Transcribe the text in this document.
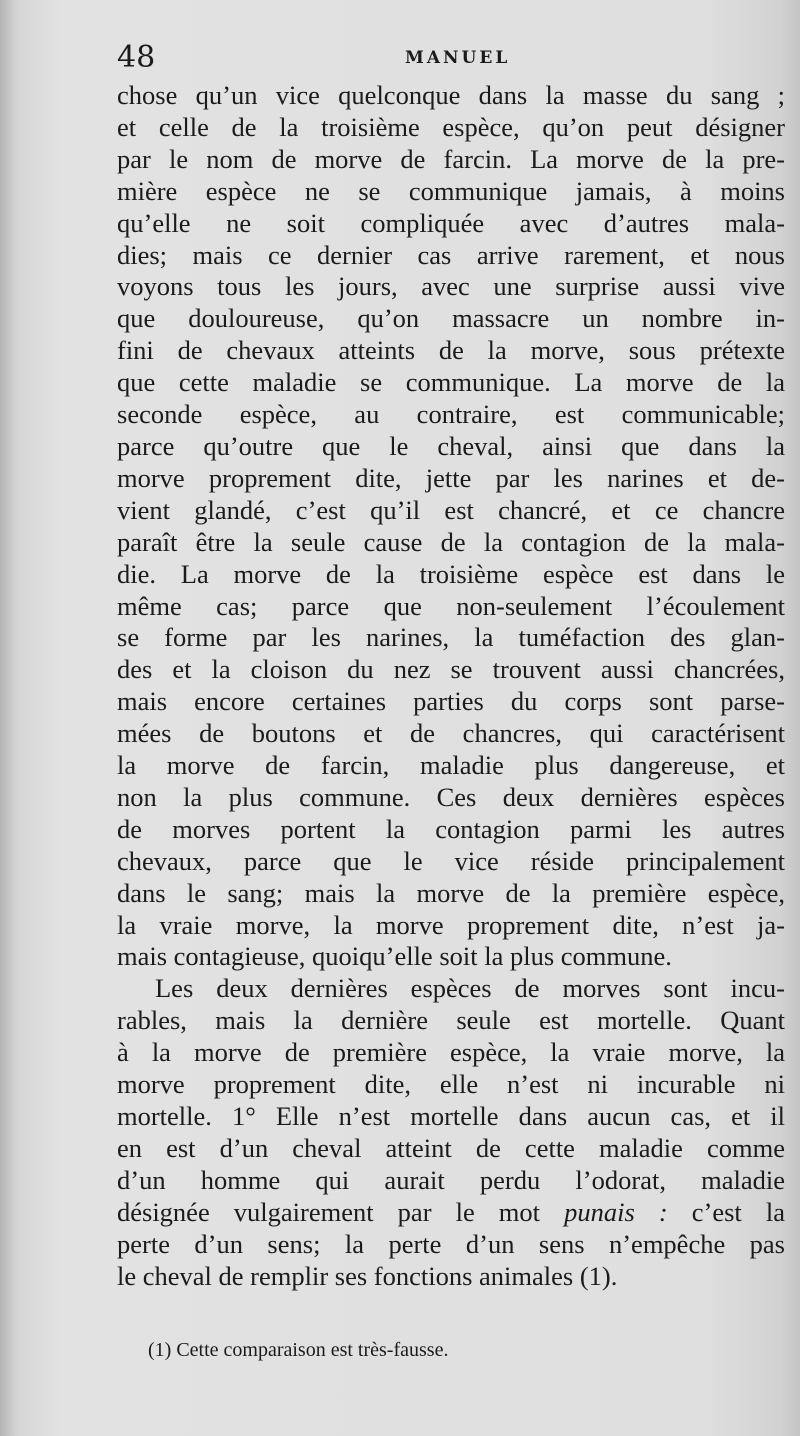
48	MANUEL
chose qu’un vice quelconque dans la masse du sang ;
et celle de la troisième espèce, qu’on peut désigner
par le nom de morve de farcin. La morve de la pre-
mière espèce ne se communique jamais, à moins
qu’elle ne soit compliquée avec d’autres mala-
dies; mais ce dernier cas arrive rarement, et nous
voyons tous les jours, avec une surprise aussi vive
que douloureuse, qu’on massacre un nombre in-
fini de chevaux atteints de la morve, sous prétexte
que cette maladie se communique. La morve de la
seconde espèce, au contraire, est communicable;
parce qu’outre que le cheval, ainsi que dans la
morve proprement dite, jette par les narines et de-
vient glandé, c’est qu’il est chancré, et ce chancre
paraît être la seule cause de la contagion de la mala-
die. La morve de la troisième espèce est dans le
même cas; parce que non-seulement l’écoulement
se forme par les narines, la tuméfaction des glan-
des et la cloison du nez se trouvent aussi chancrées,
mais encore certaines parties du corps sont parse-
mées de boutons et de chancres, qui caractérisent
la morve de farcin, maladie plus dangereuse, et
non la plus commune. Ces deux dernières espèces
de morves portent la contagion parmi les autres
chevaux, parce que le vice réside principalement
dans le sang; mais la morve de la première espèce,
la vraie morve, la morve proprement dite, n’est ja-
mais contagieuse, quoiqu’elle soit la plus commune.
Les deux dernières espèces de morves sont incu-
rables, mais la dernière seule est mortelle. Quant
à la morve de première espèce, la vraie morve, la
morve proprement dite, elle n’est ni incurable ni
mortelle. 1° Elle n’est mortelle dans aucun cas, et il
en est d’un cheval atteint de cette maladie comme
d’un homme qui aurait perdu l’odorat, maladie
désignée vulgairement par le mot punais : c’est la
perte d’un sens; la perte d’un sens n’empêche pas
le cheval de remplir ses fonctions animales (1).
(1) Cette comparaison est très-fausse.
